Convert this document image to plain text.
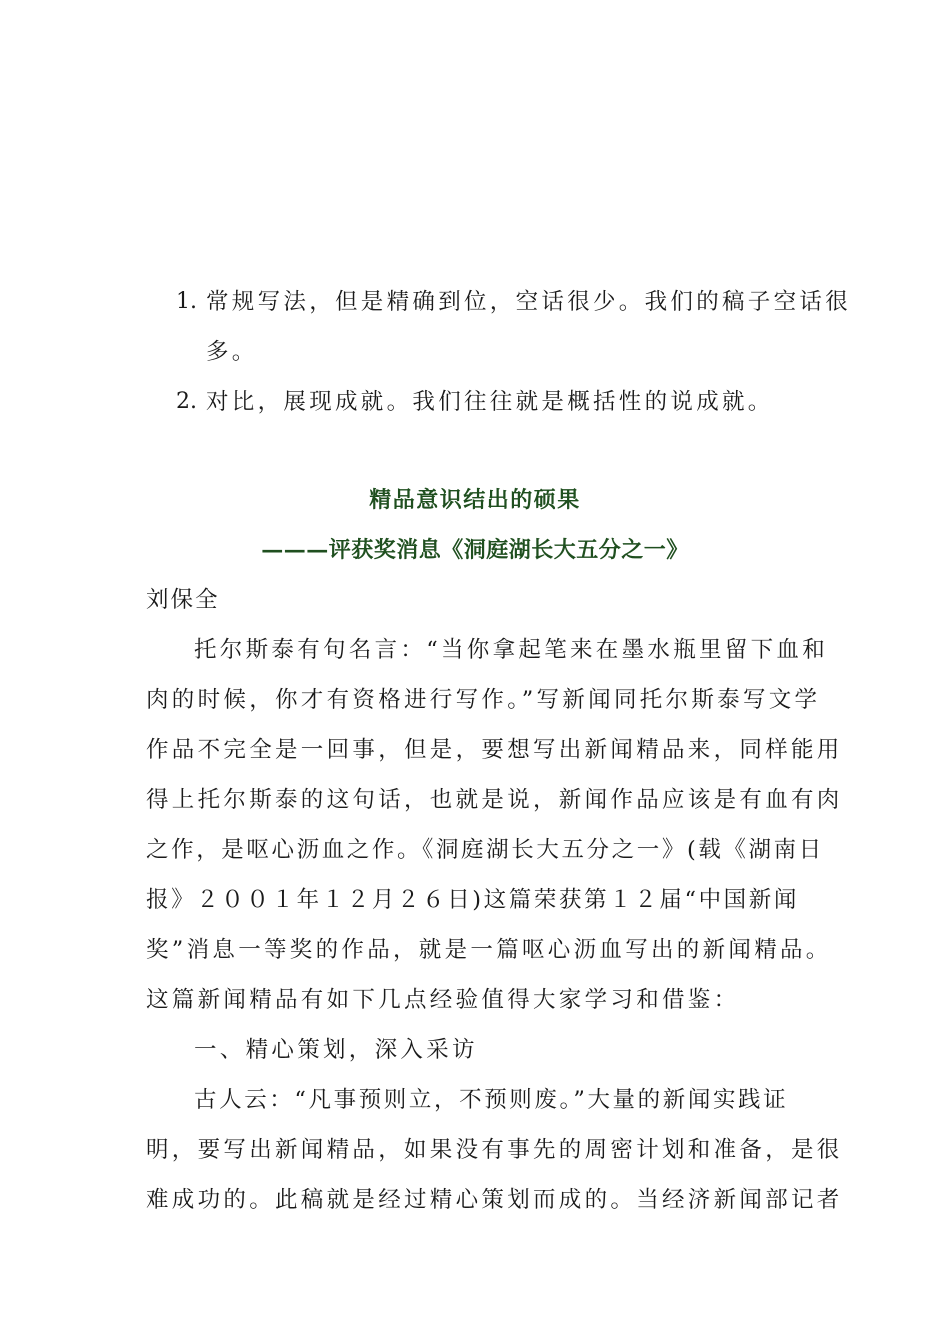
1. 常规写法，但是精确到位，空话很少。我们的稿子空话很
多。
2. 对比，展现成就。我们往往就是概括性的说成就。
精品意识结出的硕果
———评获奖消息《洞庭湖长大五分之一》
刘保全
托尔斯泰有句名言：“当你拿起笔来在墨水瓶里留下血和
肉的时候，你才有资格进行写作。”写新闻同托尔斯泰写文学
作品不完全是一回事，但是，要想写出新闻精品来，同样能用
得上托尔斯泰的这句话，也就是说，新闻作品应该是有血有肉
之作，是呕心沥血之作。《洞庭湖长大五分之一》(载《湖南日
报》２００１年１２月２６日)这篇荣获第１２届“中国新闻
奖”消息一等奖的作品，就是一篇呕心沥血写出的新闻精品。
这篇新闻精品有如下几点经验值得大家学习和借鉴：
一、精心策划，深入采访
古人云：“凡事预则立，不预则废。”大量的新闻实践证
明，要写出新闻精品，如果没有事先的周密计划和准备，是很
难成功的。此稿就是经过精心策划而成的。当经济新闻部记者
